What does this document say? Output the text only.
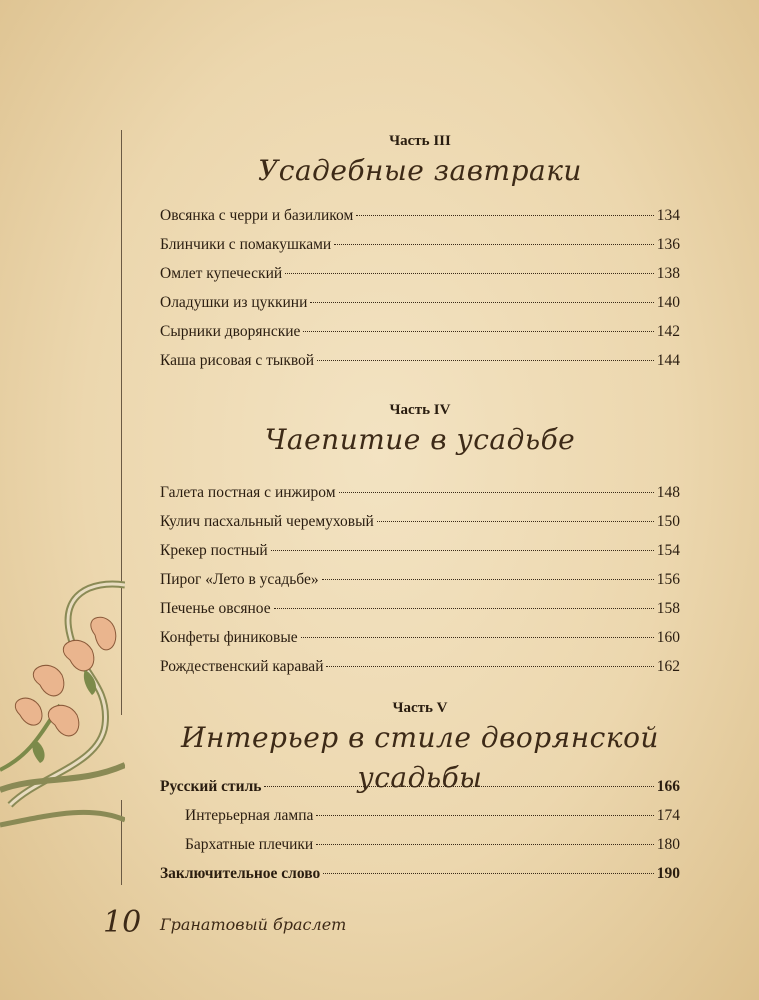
Часть III
Усадебные завтраки
Овсянка с черри и базиликом	134
Блинчики с помакушками	136
Омлет купеческий	138
Оладушки из цуккини	140
Сырники дворянские	142
Каша рисовая с тыквой	144
Часть IV
Чаепитие в усадьбе
Галета постная с инжиром	148
Кулич пасхальный черемуховый	150
Крекер постный	154
Пирог «Лето в усадьбе»	156
Печенье овсяное	158
Конфеты финиковые	160
Рождественский каравай	162
Часть V
Интерьер в стиле дворянской усадьбы
Русский стиль	166
Интерьерная лампа	174
Бархатные плечики	180
Заключительное слово	190
10 Гранатовый браслет
